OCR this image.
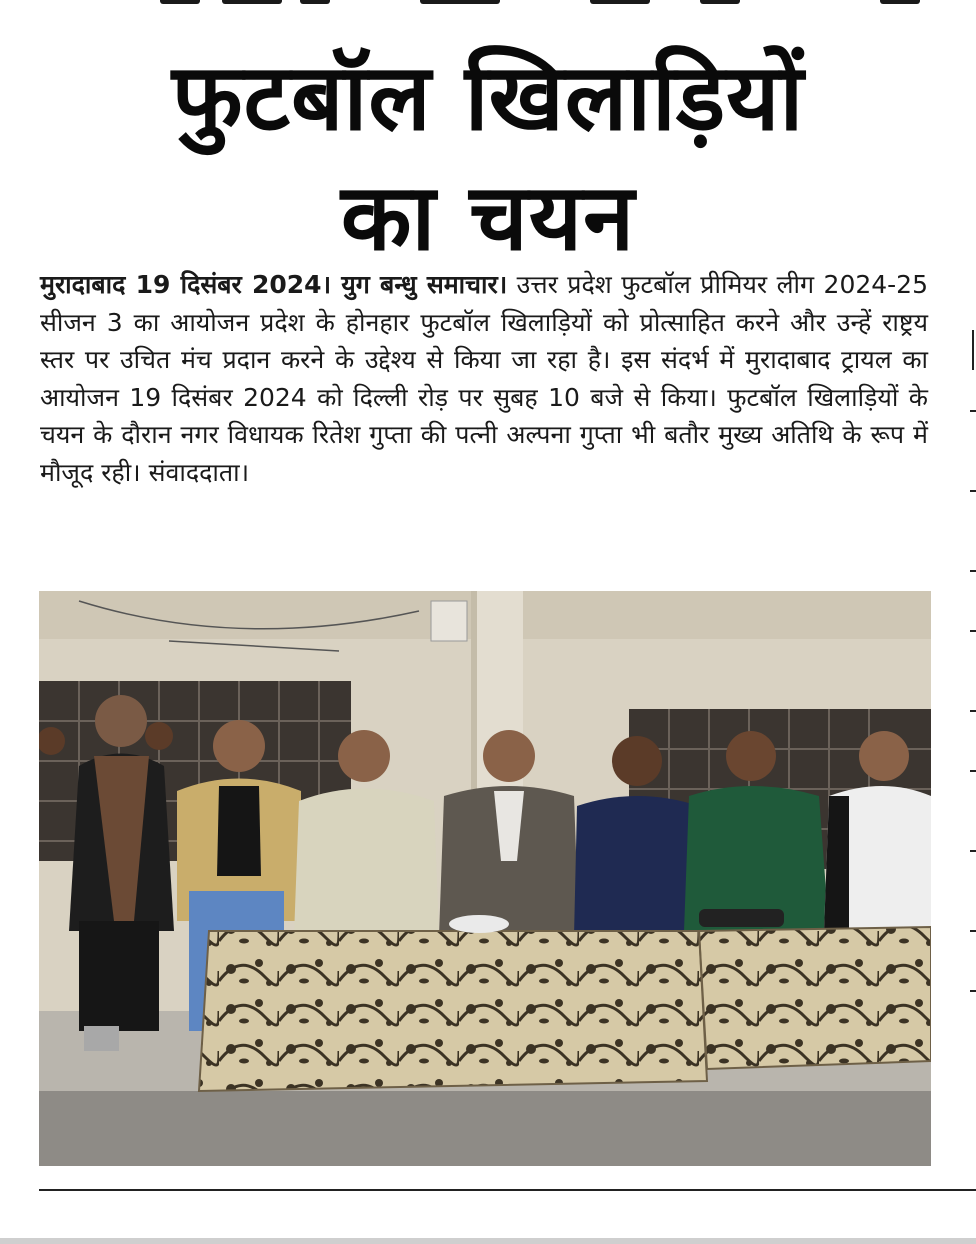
फुटबॉल खिलाड़ियों
का चयन
मुरादाबाद 19 दिसंबर 2024। युग बन्धु समाचार। उत्तर प्रदेश फुटबॉल प्रीमियर लीग 2024-25 सीजन 3 का आयोजन प्रदेश के होनहार फुटबॉल खिलाड़ियों को प्रोत्साहित करने और उन्हें राष्ट्रय स्तर पर उचित मंच प्रदान करने के उद्देश्य से किया जा रहा है। इस संदर्भ में मुरादाबाद ट्रायल का आयोजन 19 दिसंबर 2024 को दिल्ली रोड़ पर सुबह 10 बजे से किया। फुटबॉल खिलाड़ियों के चयन के दौरान नगर विधायक रितेश गुप्ता की पत्नी अल्पना गुप्ता भी बतौर मुख्य अतिथि के रूप में मौजूद रही। संवाददाता।
